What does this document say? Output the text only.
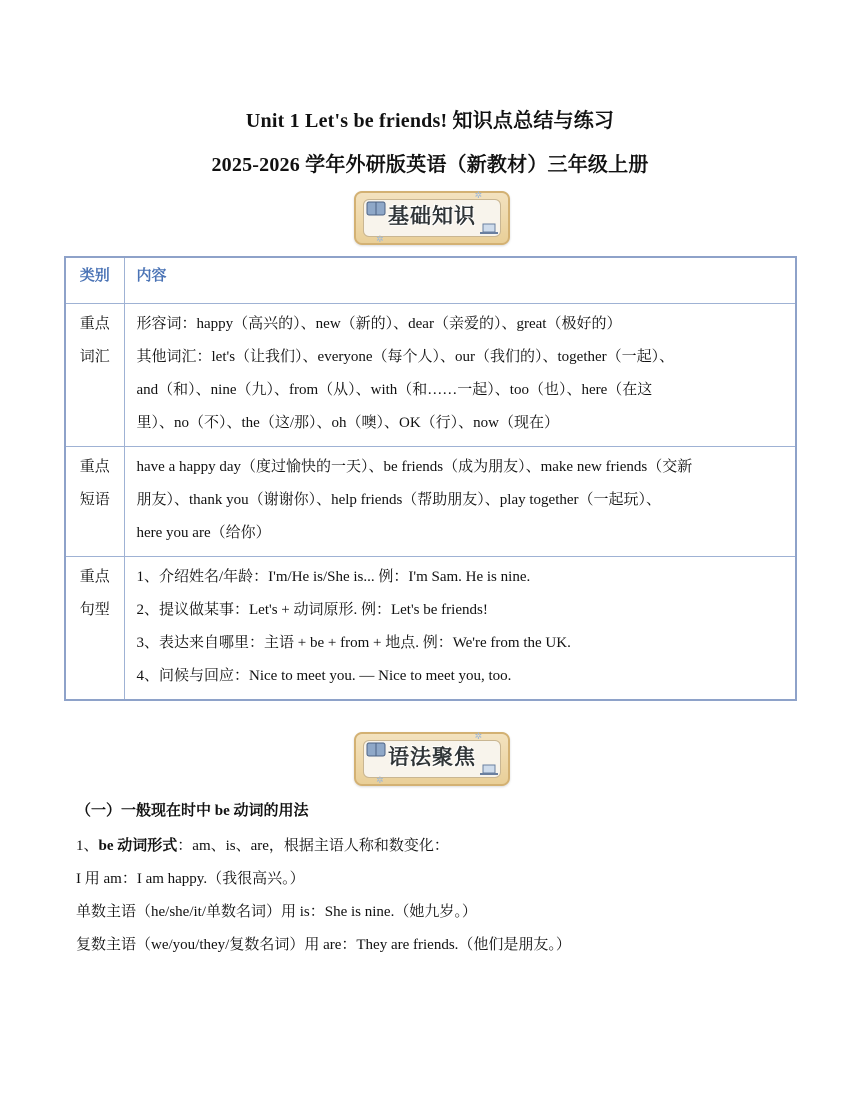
Unit 1 Let's be friends! 知识点总结与练习
2025-2026 学年外研版英语（新教材）三年级上册
基础知识
✲
✲
类别	内容

重点
词汇	形容词：happy（高兴的）、new（新的）、dear（亲爱的）、great（极好的）
其他词汇：let's（让我们）、everyone（每个人）、our（我们的）、together（一起）、
and（和）、nine（九）、from（从）、with（和……一起）、too（也）、here（在这
里）、no（不）、the（这/那）、oh（噢）、OK（行）、now（现在）

重点
短语	have a happy day（度过愉快的一天）、be friends（成为朋友）、make new friends（交新
朋友）、thank you（谢谢你）、help friends（帮助朋友）、play together（一起玩）、
here you are（给你）

重点
句型	1、介绍姓名/年龄：I'm/He is/She is... 例：I'm Sam. He is nine.
2、提议做某事：Let's + 动词原形. 例：Let's be friends!
3、表达来自哪里：主语 + be + from + 地点. 例：We're from the UK.
4、问候与回应：Nice to meet you. — Nice to meet you, too.
语法聚焦
✲
✲
（一）一般现在时中 be 动词的用法
1、be 动词形式：am、is、are，根据主语人称和数变化：
I 用 am：I am happy.（我很高兴。）
单数主语（he/she/it/单数名词）用 is：She is nine.（她九岁。）
复数主语（we/you/they/复数名词）用 are：They are friends.（他们是朋友。）
